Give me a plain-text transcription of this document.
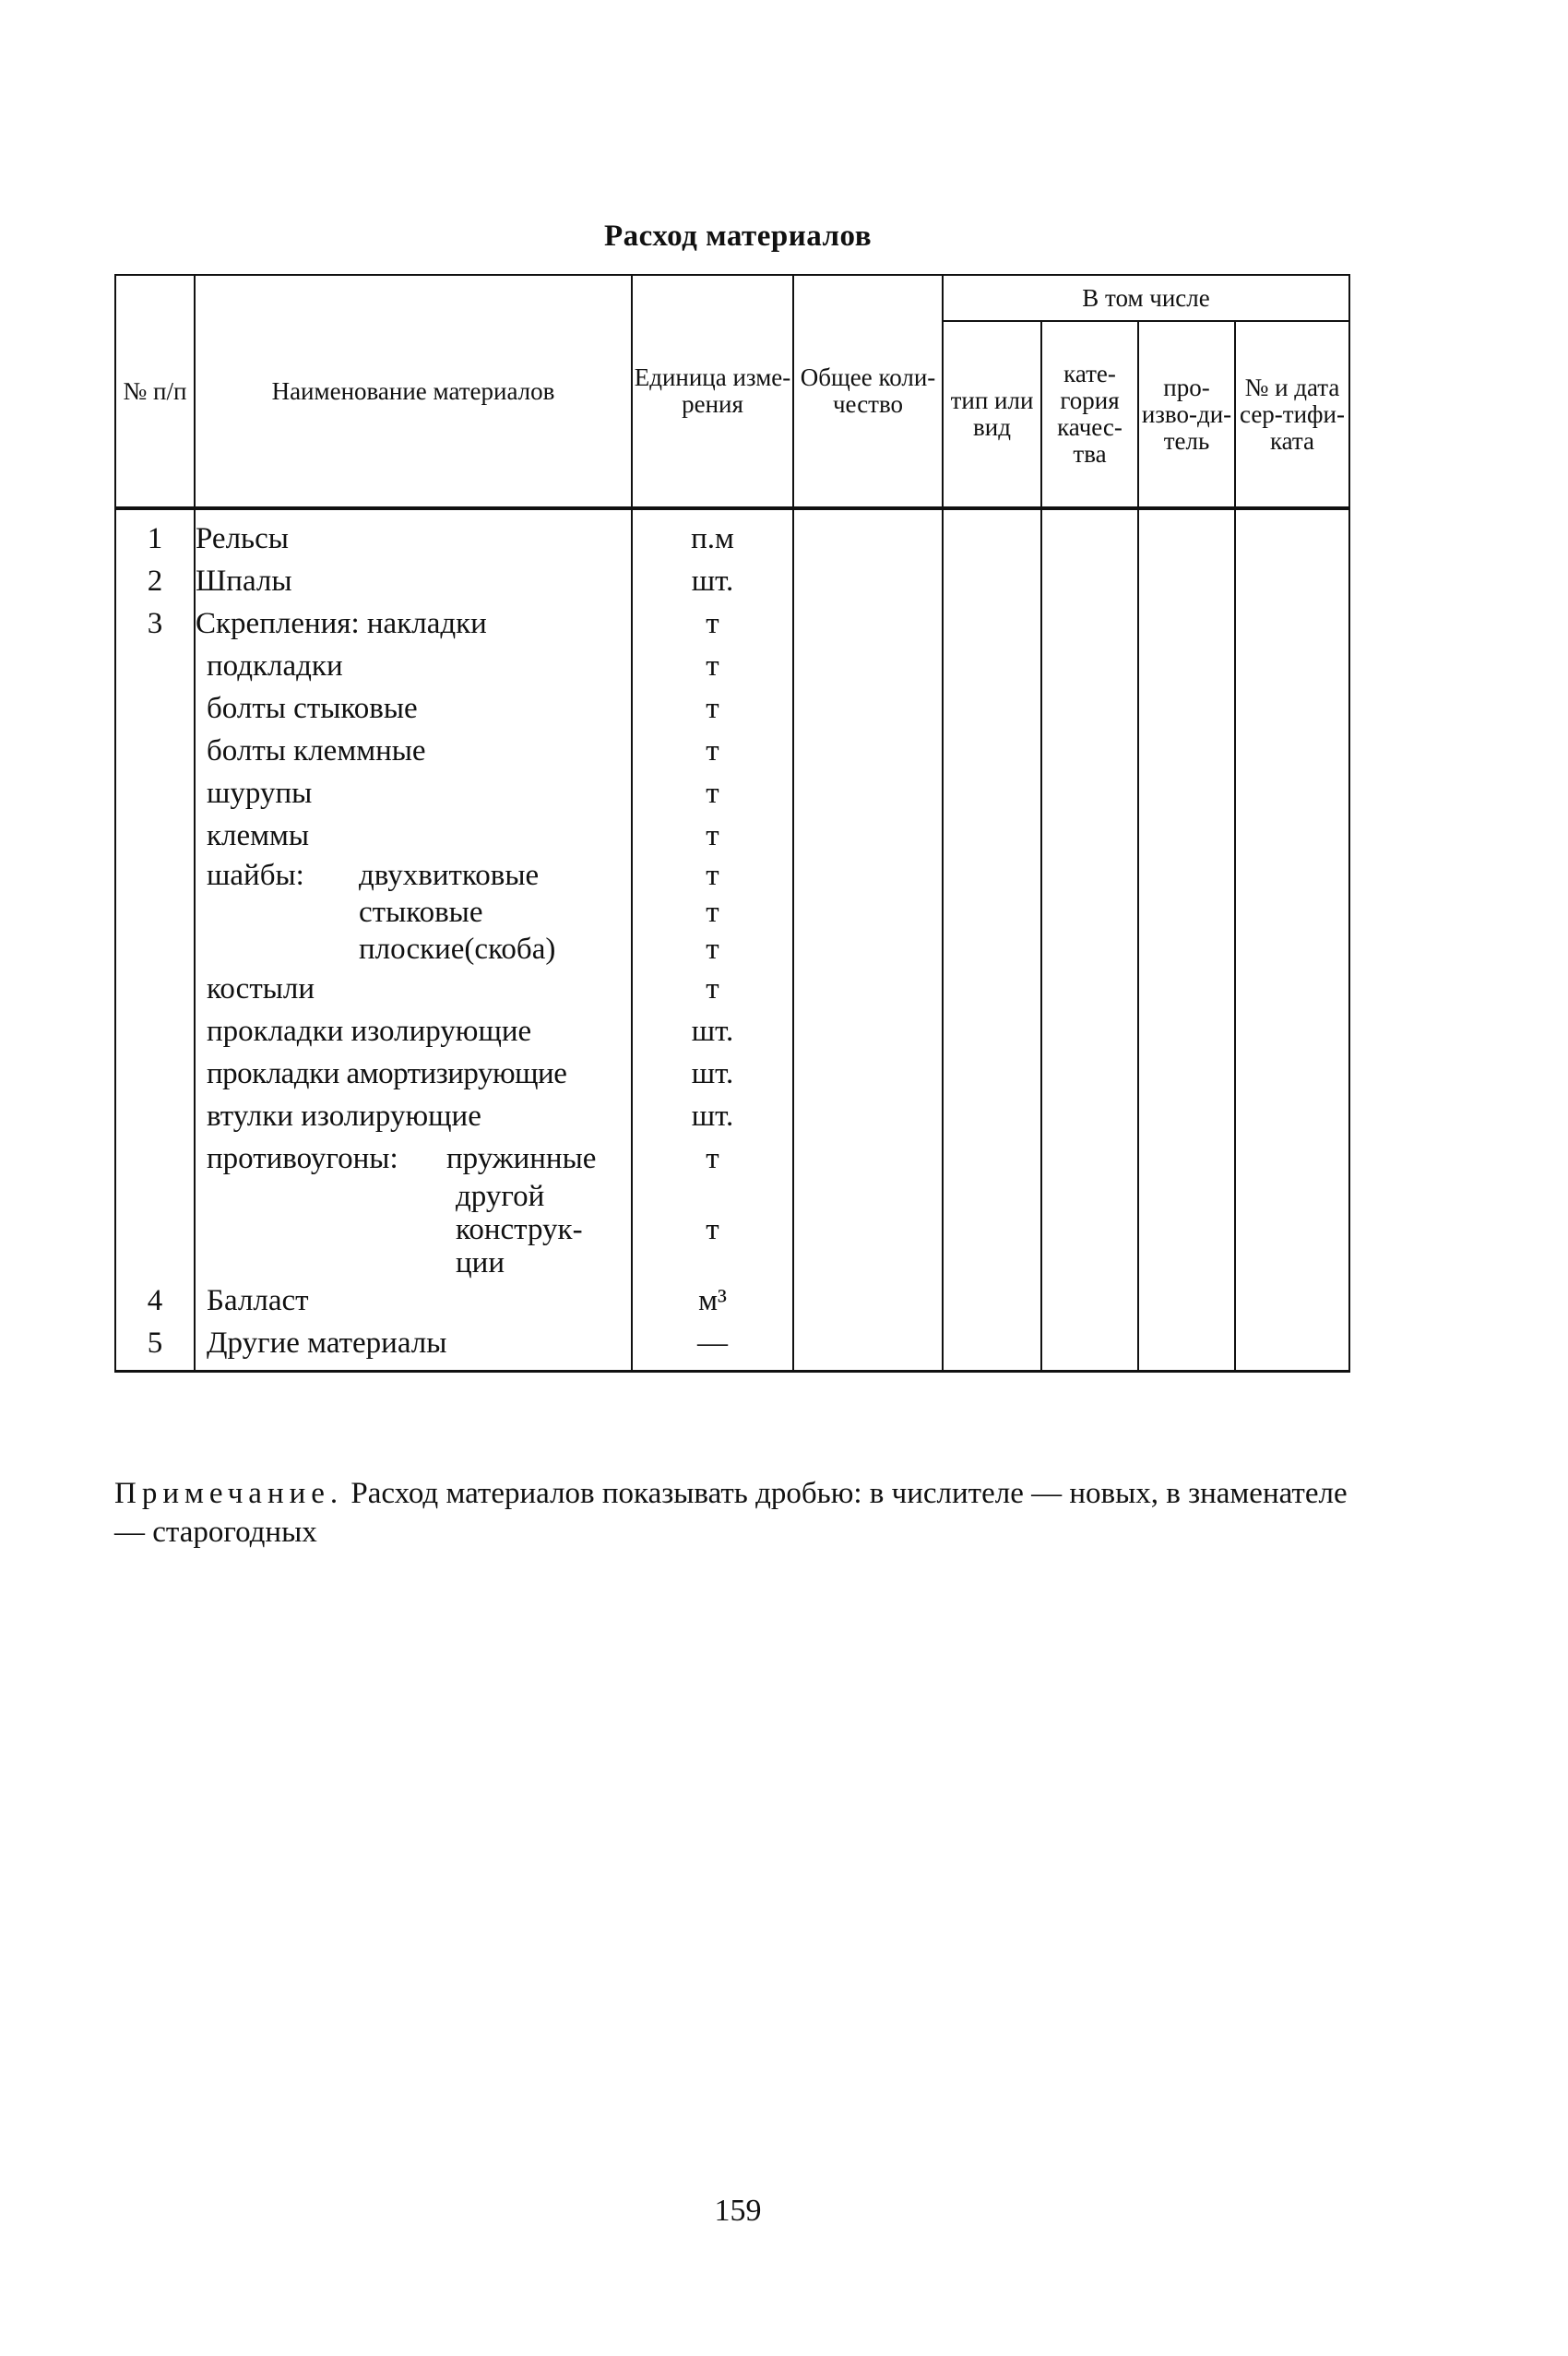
Расход материалов
№ п/п	Наименование материалов	Единица изме-рения	Общее коли-чество	В том числе			
				тип или вид	кате-гория качес-тва	про-изво-ди-тель	№ и дата сер-тифи-ката
1	Рельсы	п.м					
2	Шпалы	шт.					
3	Скрепления: накладки	т					
	подкладки	т					
	болты стыковые	т					
	болты клеммные	т					
	шурупы	т					
	клеммы	т					
	шайбы: двухвитковые	т					

	стыковые	т					

	плоские(скоба)	т					
	костыли	т					
	прокладки изолирующие	шт.					
	прокладки амортизирующие	шт.					
	втулки изолирующие	шт.					
	противоугоны: пружинные	т					

	другой конструк-ции	т					
4	Балласт	м³					
5	Другие материалы	—					
Примечание. Расход материалов показывать дробью: в числителе — новых, в знаменателе — старогодных
159
